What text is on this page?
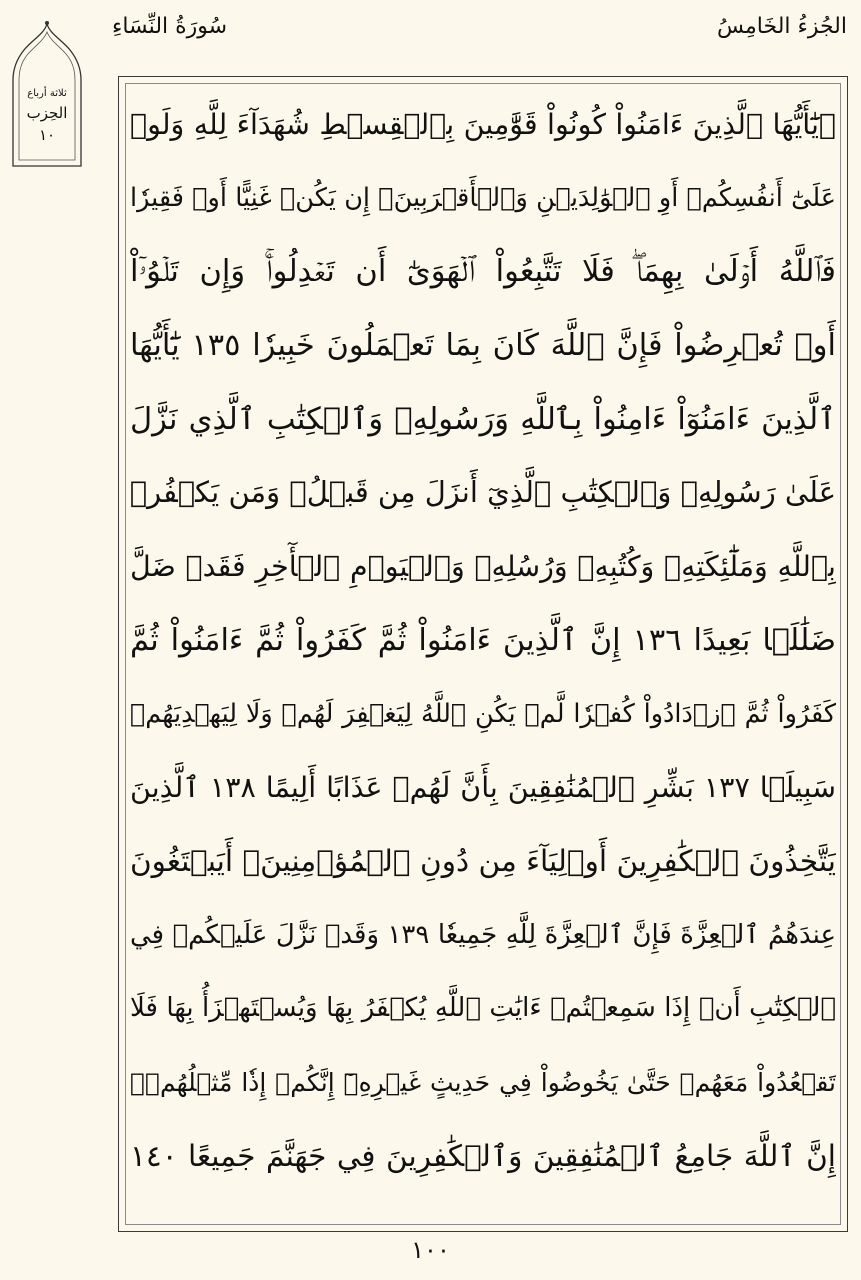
الجُزءُ الخَامِسُ
سُورَةُ النِّسَاءِ
ثلاثة أرباع
الحِزب
١٠	۞يَٰٓأَيُّهَا ٱلَّذِينَ ءَامَنُواْ كُونُواْ قَوَّٰمِينَ بِٱلۡقِسۡطِ شُهَدَآءَ لِلَّهِ وَلَوۡ
عَلَىٰٓ أَنفُسِكُمۡ أَوِ ٱلۡوَٰلِدَيۡنِ وَٱلۡأَقۡرَبِينَۚ إِن يَكُنۡ غَنِيًّا أَوۡ فَقِيرٗا
فَٱللَّهُ أَوۡلَىٰ بِهِمَاۖ فَلَا تَتَّبِعُواْ ٱلۡهَوَىٰٓ أَن تَعۡدِلُواْۚ وَإِن تَلۡوُۥٓاْ
أَوۡ تُعۡرِضُواْ فَإِنَّ ٱللَّهَ كَانَ بِمَا تَعۡمَلُونَ خَبِيرٗا ١٣٥ يَٰٓأَيُّهَا
ٱلَّذِينَ ءَامَنُوٓاْ ءَامِنُواْ بِٱللَّهِ وَرَسُولِهِۦ وَٱلۡكِتَٰبِ ٱلَّذِي نَزَّلَ
عَلَىٰ رَسُولِهِۦ وَٱلۡكِتَٰبِ ٱلَّذِيٓ أَنزَلَ مِن قَبۡلُۚ وَمَن يَكۡفُرۡ
بِٱللَّهِ وَمَلَٰٓئِكَتِهِۦ وَكُتُبِهِۦ وَرُسُلِهِۦ وَٱلۡيَوۡمِ ٱلۡأٓخِرِ فَقَدۡ ضَلَّ
ضَلَٰلَۢا بَعِيدًا ١٣٦ إِنَّ ٱلَّذِينَ ءَامَنُواْ ثُمَّ كَفَرُواْ ثُمَّ ءَامَنُواْ ثُمَّ
كَفَرُواْ ثُمَّ ٱزۡدَادُواْ كُفۡرٗا لَّمۡ يَكُنِ ٱللَّهُ لِيَغۡفِرَ لَهُمۡ وَلَا لِيَهۡدِيَهُمۡ
سَبِيلَۢا ١٣٧ بَشِّرِ ٱلۡمُنَٰفِقِينَ بِأَنَّ لَهُمۡ عَذَابًا أَلِيمًا ١٣٨ ٱلَّذِينَ
يَتَّخِذُونَ ٱلۡكَٰفِرِينَ أَوۡلِيَآءَ مِن دُونِ ٱلۡمُؤۡمِنِينَۚ أَيَبۡتَغُونَ
عِندَهُمُ ٱلۡعِزَّةَ فَإِنَّ ٱلۡعِزَّةَ لِلَّهِ جَمِيعٗا ١٣٩ وَقَدۡ نَزَّلَ عَلَيۡكُمۡ فِي
ٱلۡكِتَٰبِ أَنۡ إِذَا سَمِعۡتُمۡ ءَايَٰتِ ٱللَّهِ يُكۡفَرُ بِهَا وَيُسۡتَهۡزَأُ بِهَا فَلَا
تَقۡعُدُواْ مَعَهُمۡ حَتَّىٰ يَخُوضُواْ فِي حَدِيثٍ غَيۡرِهِۦٓ إِنَّكُمۡ إِذٗا مِّثۡلُهُمۡۗ
إِنَّ ٱللَّهَ جَامِعُ ٱلۡمُنَٰفِقِينَ وَٱلۡكَٰفِرِينَ فِي جَهَنَّمَ جَمِيعًا ١٤٠
١٠٠
